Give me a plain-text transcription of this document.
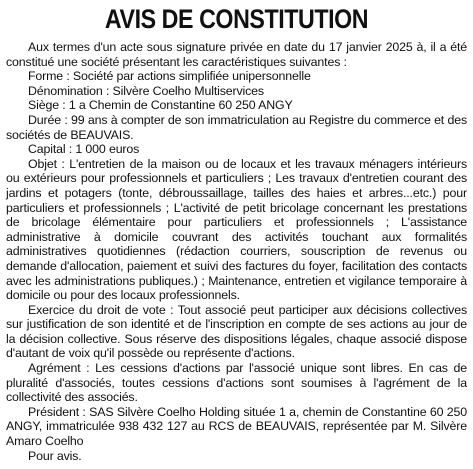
AVIS DE CONSTITUTION

Aux termes d'un acte sous signature privée en date du 17 janvier 2025 à, il a été constitué une société présentant les caractéristiques suivantes :

Forme : Société par actions simplifiée unipersonnelle

Dénomination : Silvère Coelho Multiservices

Siège : 1 a Chemin de Constantine 60 250 ANGY

Durée : 99 ans à compter de son immatriculation au Registre du commerce et des sociétés de BEAUVAIS.

Capital : 1 000 euros

Objet : L'entretien de la maison ou de locaux et les travaux ménagers intérieurs ou extérieurs pour professionnels et particuliers ; Les travaux d'entretien courant des jardins et potagers (tonte, débroussaillage, tailles des haies et arbres...etc.) pour particuliers et professionnels ; L'activité de petit bricolage concernant les prestations de bricolage élémentaire pour particuliers et professionnels ; L'assistance administrative à domicile couvrant des activités touchant aux formalités administratives quotidiennes (rédaction courriers, souscription de revenus ou demande d'allocation, paiement et suivi des factures du foyer, facilitation des contacts avec les administrations publiques.) ; Maintenance, entretien et vigilance temporaire à domicile ou pour des locaux professionnels.

Exercice du droit de vote : Tout associé peut participer aux décisions collectives sur justification de son identité et de l'inscription en compte de ses actions au jour de la décision collective. Sous réserve des dispositions légales, chaque associé dispose d'autant de voix qu'il possède ou représente d'actions.

Agrément : Les cessions d'actions par l'associé unique sont libres. En cas de pluralité d'associés, toutes cessions d'actions sont soumises à l'agrément de la collectivité des associés.

Président : SAS Silvère Coelho Holding située 1 a, chemin de Constantine 60 250 ANGY, immatriculée 938 432 127 au RCS de BEAUVAIS, représentée par M. Silvère Amaro Coelho

Pour avis.
